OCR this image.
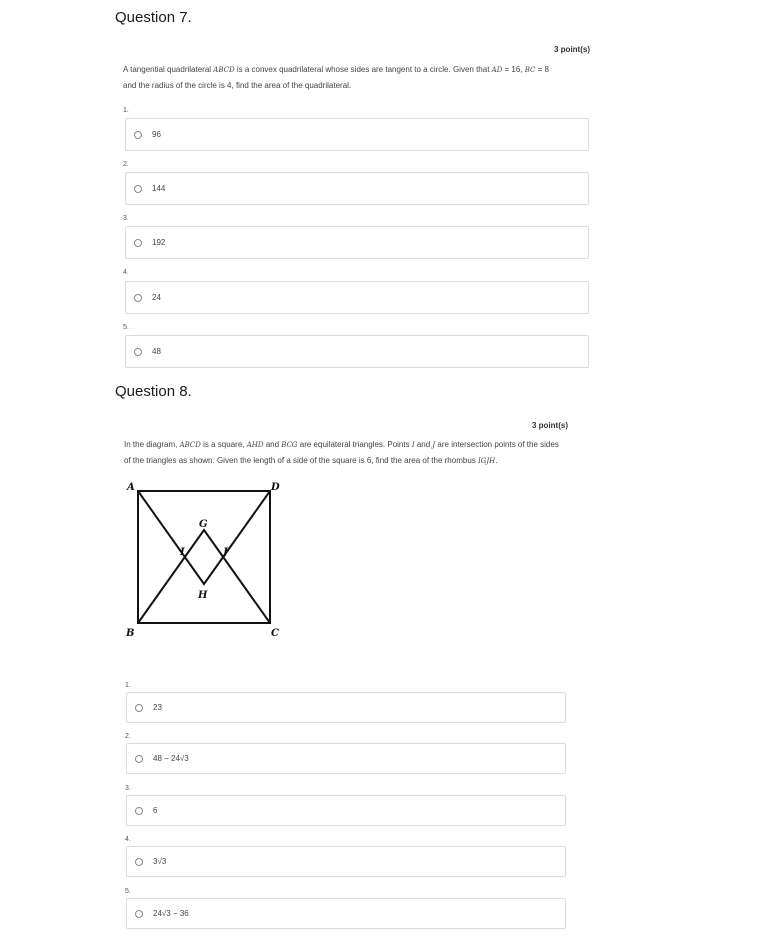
Question 7.
3 point(s)
A tangential quadrilateral ABCD is a convex quadrilateral whose sides are tangent to a circle. Given that AD = 16, BC = 8
and the radius of the circle is 4, find the area of the quadrilateral.
1.
96
2.
144
3.
192
4.
24
5.
48
Question 8.
3 point(s)
In the diagram, ABCD is a square, AHD and BCG are equilateral triangles. Points I and J are intersection points of the sides
of the triangles as shown. Given the length of a side of the square is 6, find the area of the rhombus IGJH.
A	D
B	C
G
H
I	J
1.
23
2.
48 − 24√3
3.
6
4.
3√3
5.
24√3 − 36
